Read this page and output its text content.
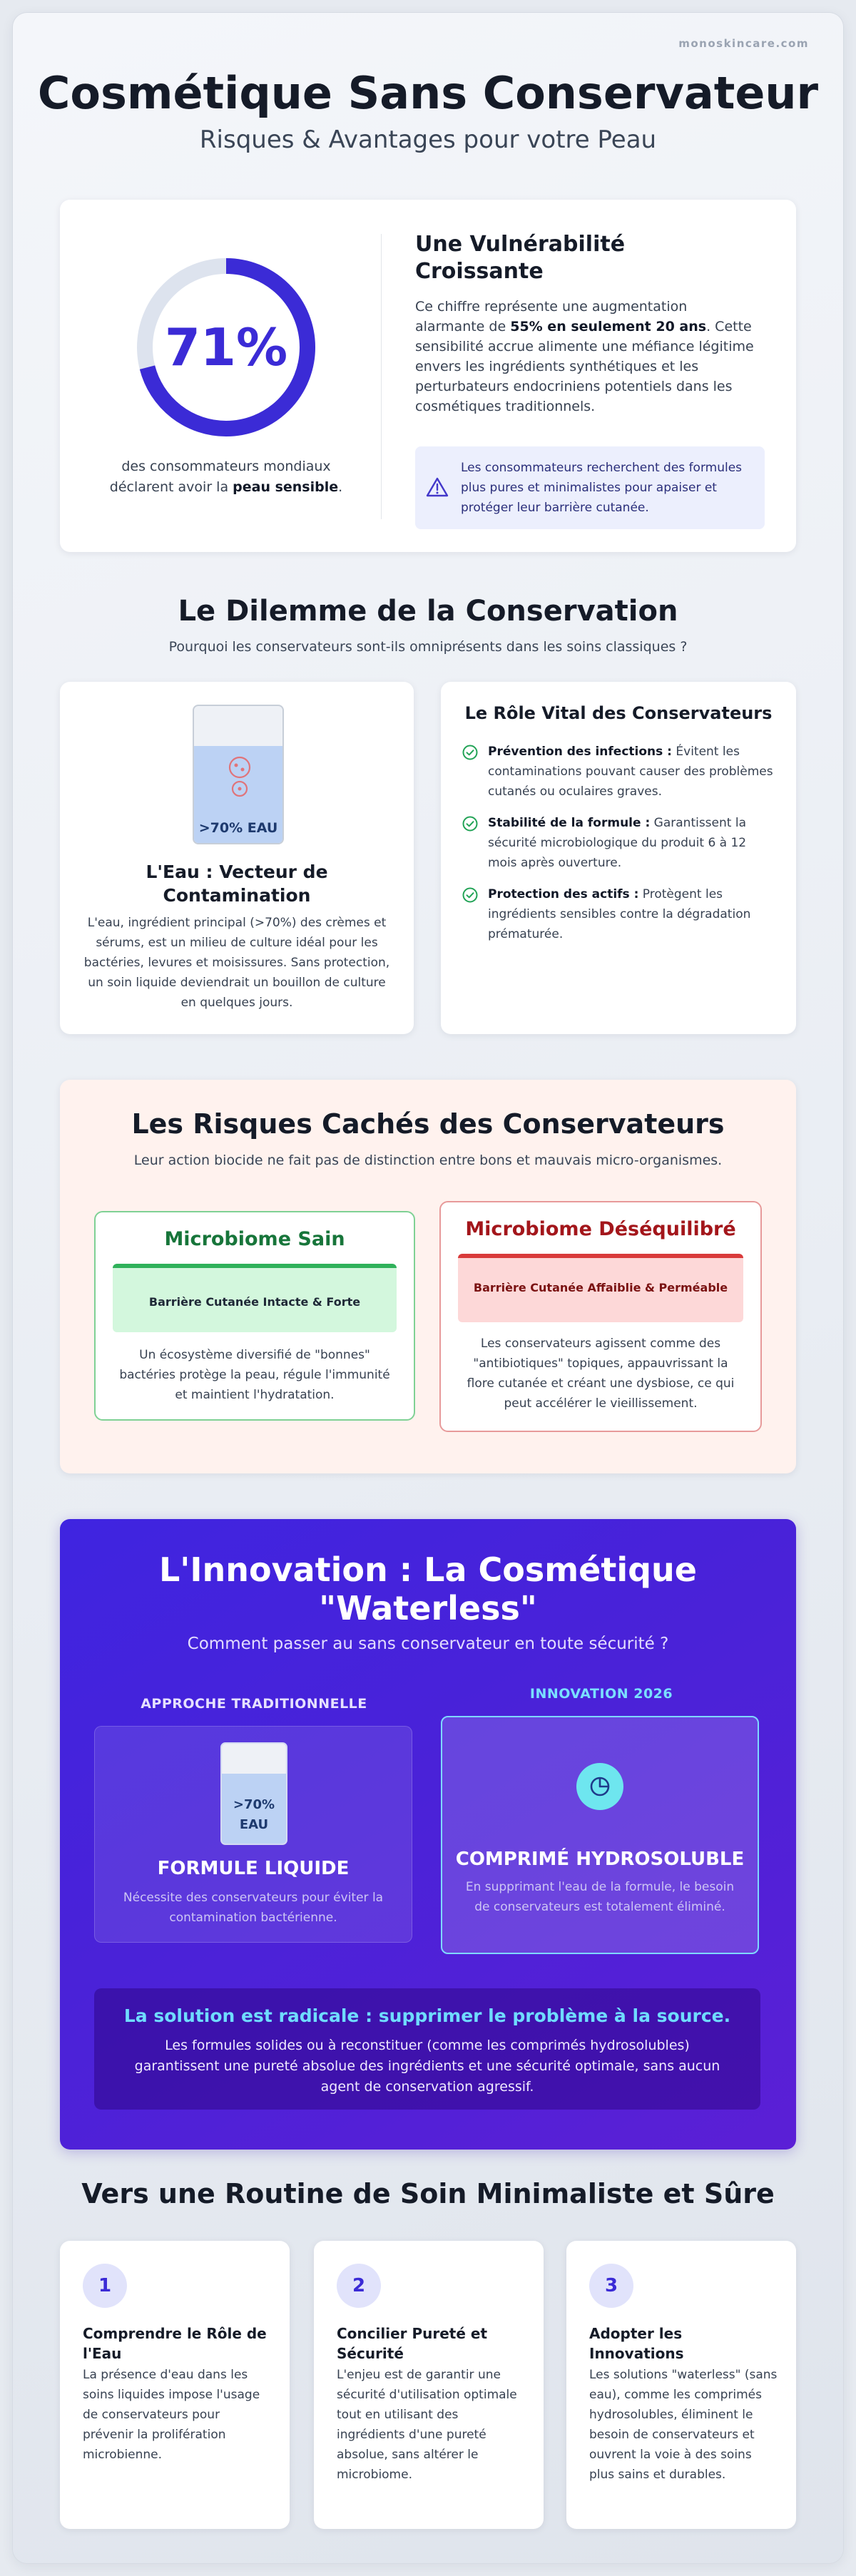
monoskincare.com
Cosmétique Sans Conservateur
Risques & Avantages pour votre Peau
71%
des consommateurs mondiaux déclarent avoir la peau sensible.
Une Vulnérabilité Croissante

Ce chiffre représente une augmentation alarmante de 55% en seulement 20 ans. Cette sensibilité accrue alimente une méfiance légitime envers les ingrédients synthétiques et les perturbateurs endocriniens potentiels dans les cosmétiques traditionnels.

Les consommateurs recherchent des formules plus pures et minimalistes pour apaiser et protéger leur barrière cutanée.
Le Dilemme de la Conservation
Pourquoi les conservateurs sont-ils omniprésents dans les soins classiques ?
>70% EAU
L'Eau : Vecteur de Contamination

L'eau, ingrédient principal (>70%) des crèmes et sérums, est un milieu de culture idéal pour les bactéries, levures et moisissures. Sans protection, un soin liquide deviendrait un bouillon de culture en quelques jours.

Le Rôle Vital des Conservateurs

Prévention des infections : Évitent les contaminations pouvant causer des problèmes cutanés ou oculaires graves.

Stabilité de la formule : Garantissent la sécurité microbiologique du produit 6 à 12 mois après ouverture.

Protection des actifs : Protègent les ingrédients sensibles contre la dégradation prématurée.

Les Risques Cachés des Conservateurs
Leur action biocide ne fait pas de distinction entre bons et mauvais micro-organismes.
Microbiome Sain
Barrière Cutanée Intacte & Forte

Un écosystème diversifié de "bonnes" bactéries protège la peau, régule l'immunité et maintient l'hydratation.

Microbiome Déséquilibré
Barrière Cutanée Affaiblie & Perméable

Les conservateurs agissent comme des "antibiotiques" topiques, appauvrissant la flore cutanée et créant une dysbiose, ce qui peut accélérer le vieillissement.

L'Innovation : La Cosmétique "Waterless"
Comment passer au sans conservateur en toute sécurité ?
APPROCHE TRADITIONNELLE
INNOVATION 2026
>70% EAU
FORMULE LIQUIDE

Nécessite des conservateurs pour éviter la contamination bactérienne.

COMPRIMÉ HYDROSOLUBLE

En supprimant l'eau de la formule, le besoin de conservateurs est totalement éliminé.

La solution est radicale : supprimer le problème à la source.

Les formules solides ou à reconstituer (comme les comprimés hydrosolubles) garantissent une pureté absolue des ingrédients et une sécurité optimale, sans aucun agent de conservation agressif.

Vers une Routine de Soin Minimaliste et Sûre
1
Comprendre le Rôle de l'Eau

La présence d'eau dans les soins liquides impose l'usage de conservateurs pour prévenir la prolifération microbienne.

2
Concilier Pureté et Sécurité

L'enjeu est de garantir une sécurité d'utilisation optimale tout en utilisant des ingrédients d'une pureté absolue, sans altérer le microbiome.

3
Adopter les Innovations

Les solutions "waterless" (sans eau), comme les comprimés hydrosolubles, éliminent le besoin de conservateurs et ouvrent la voie à des soins plus sains et durables.
